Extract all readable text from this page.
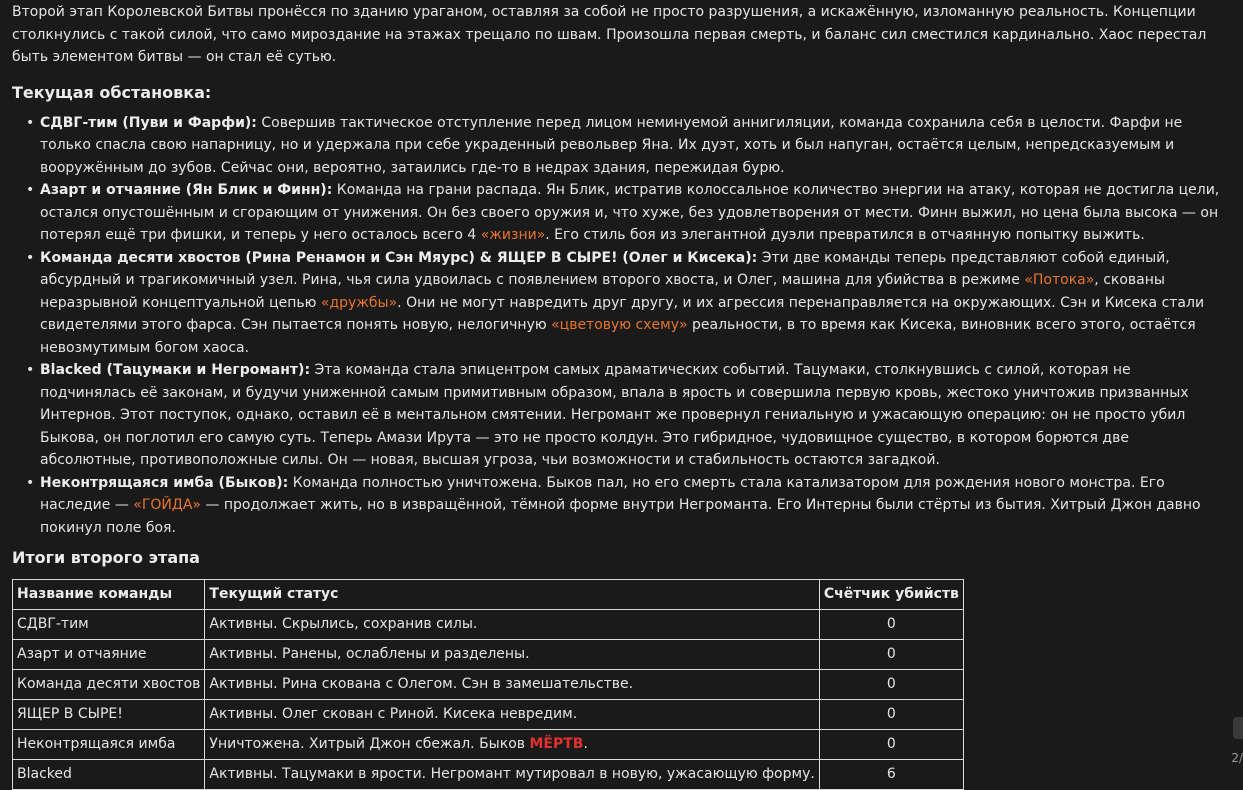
Второй этап Королевской Битвы пронёсся по зданию ураганом, оставляя за собой не просто разрушения, а искажённую, изломанную реальность. Концепции столкнулись с такой силой, что само мироздание на этажах трещало по швам. Произошла первая смерть, и баланс сил сместился кардинально. Хаос перестал быть элементом битвы — он стал её сутью.

Текущая обстановка:
• СДВГ-тим (Пуви и Фарфи): Совершив тактическое отступление перед лицом неминуемой аннигиляции, команда сохранила себя в целости. Фарфи не только спасла свою напарницу, но и удержала при себе украденный револьвер Яна. Их дуэт, хоть и был напуган, остаётся целым, непредсказуемым и вооружённым до зубов. Сейчас они, вероятно, затаились где-то в недрах здания, пережидая бурю.
• Азарт и отчаяние (Ян Блик и Финн): Команда на грани распада. Ян Блик, истратив колоссальное количество энергии на атаку, которая не достигла цели, остался опустошённым и сгорающим от унижения. Он без своего оружия и, что хуже, без удовлетворения от мести. Финн выжил, но цена была высока — он потерял ещё три фишки, и теперь у него осталось всего 4 «жизни». Его стиль боя из элегантной дуэли превратился в отчаянную попытку выжить.
• Команда десяти хвостов (Рина Ренамон и Сэн Мяурс) & ЯЩЕР В СЫРЕ! (Олег и Кисека): Эти две команды теперь представляют собой единый, абсурдный и трагикомичный узел. Рина, чья сила удвоилась с появлением второго хвоста, и Олег, машина для убийства в режиме «Потока», скованы неразрывной концептуальной цепью «дружбы». Они не могут навредить друг другу, и их агрессия перенаправляется на окружающих. Сэн и Кисека стали свидетелями этого фарса. Сэн пытается понять новую, нелогичную «цветовую схему» реальности, в то время как Кисека, виновник всего этого, остаётся невозмутимым богом хаоса.
• Blacked (Тацумаки и Негромант): Эта команда стала эпицентром самых драматических событий. Тацумаки, столкнувшись с силой, которая не подчинялась её законам, и будучи униженной самым примитивным образом, впала в ярость и совершила первую кровь, жестоко уничтожив призванных Интернов. Этот поступок, однако, оставил её в ментальном смятении. Негромант же провернул гениальную и ужасающую операцию: он не просто убил Быкова, он поглотил его самую суть. Теперь Амази Ирута — это не просто колдун. Это гибридное, чудовищное существо, в котором борются две абсолютные, противоположные силы. Он — новая, высшая угроза, чьи возможности и стабильность остаются загадкой.
• Неконтрящаяся имба (Быков): Команда полностью уничтожена. Быков пал, но его смерть стала катализатором для рождения нового монстра. Его наследие — «ГОЙДА» — продолжает жить, но в извращённой, тёмной форме внутри Негроманта. Его Интерны были стёрты из бытия. Хитрый Джон давно покинул поле боя.
Итоги второго этапа
Название команды	Текущий статус	Счётчик убийств
СДВГ-тим	Активны. Скрылись, сохранив силы.	0
Азарт и отчаяние	Активны. Ранены, ослаблены и разделены.	0
Команда десяти хвостов	Активны. Рина скована с Олегом. Сэн в замешательстве.	0
ЯЩЕР В СЫРЕ!	Активны. Олег скован с Риной. Кисека невредим.	0
Неконтрящаяся имба	Уничтожена. Хитрый Джон сбежал. Быков МЁРТВ.	0
Blacked	Активны. Тацумаки в ярости. Негромант мутировал в новую, ужасающую форму.	6
2/
